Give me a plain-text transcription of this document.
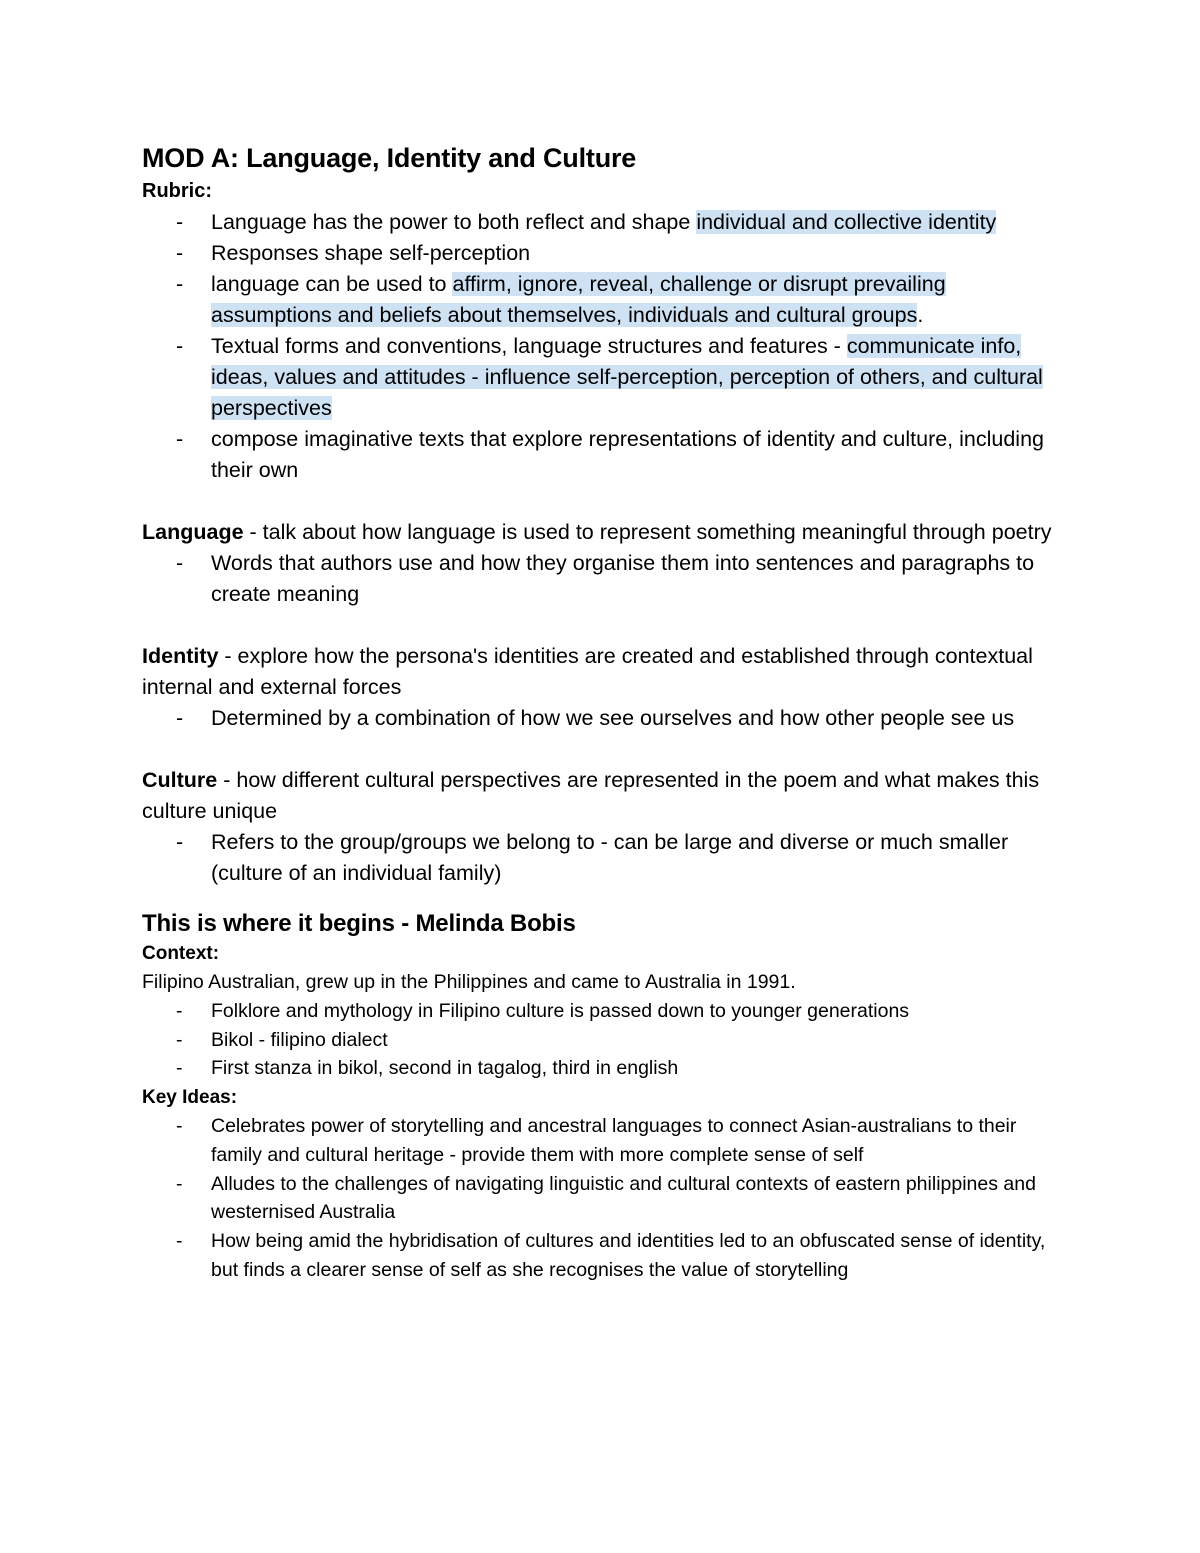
MOD A: Language, Identity and Culture
Rubric:
- Language has the power to both reflect and shape individual and collective identity
- Responses shape self-perception
- language can be used to affirm, ignore, reveal, challenge or disrupt prevailing assumptions and beliefs about themselves, individuals and cultural groups.
- Textual forms and conventions, language structures and features - communicate info, ideas, values and attitudes - influence self-perception, perception of others, and cultural perspectives
- compose imaginative texts that explore representations of identity and culture, including their own

Language - talk about how language is used to represent something meaningful through poetry

- Words that authors use and how they organise them into sentences and paragraphs to create meaning

Identity - explore how the persona's identities are created and established through contextual internal and external forces

- Determined by a combination of how we see ourselves and how other people see us

Culture - how different cultural perspectives are represented in the poem and what makes this culture unique

- Refers to the group/groups we belong to - can be large and diverse or much smaller (culture of an individual family)
This is where it begins - Melinda Bobis
Context:

Filipino Australian, grew up in the Philippines and came to Australia in 1991.

- Folklore and mythology in Filipino culture is passed down to younger generations
- Bikol - filipino dialect
- First stanza in bikol, second in tagalog, third in english
Key Ideas:
- Celebrates power of storytelling and ancestral languages to connect Asian-australians to their family and cultural heritage - provide them with more complete sense of self
- Alludes to the challenges of navigating linguistic and cultural contexts of eastern philippines and westernised Australia
- How being amid the hybridisation of cultures and identities led to an obfuscated sense of identity, but finds a clearer sense of self as she recognises the value of storytelling
